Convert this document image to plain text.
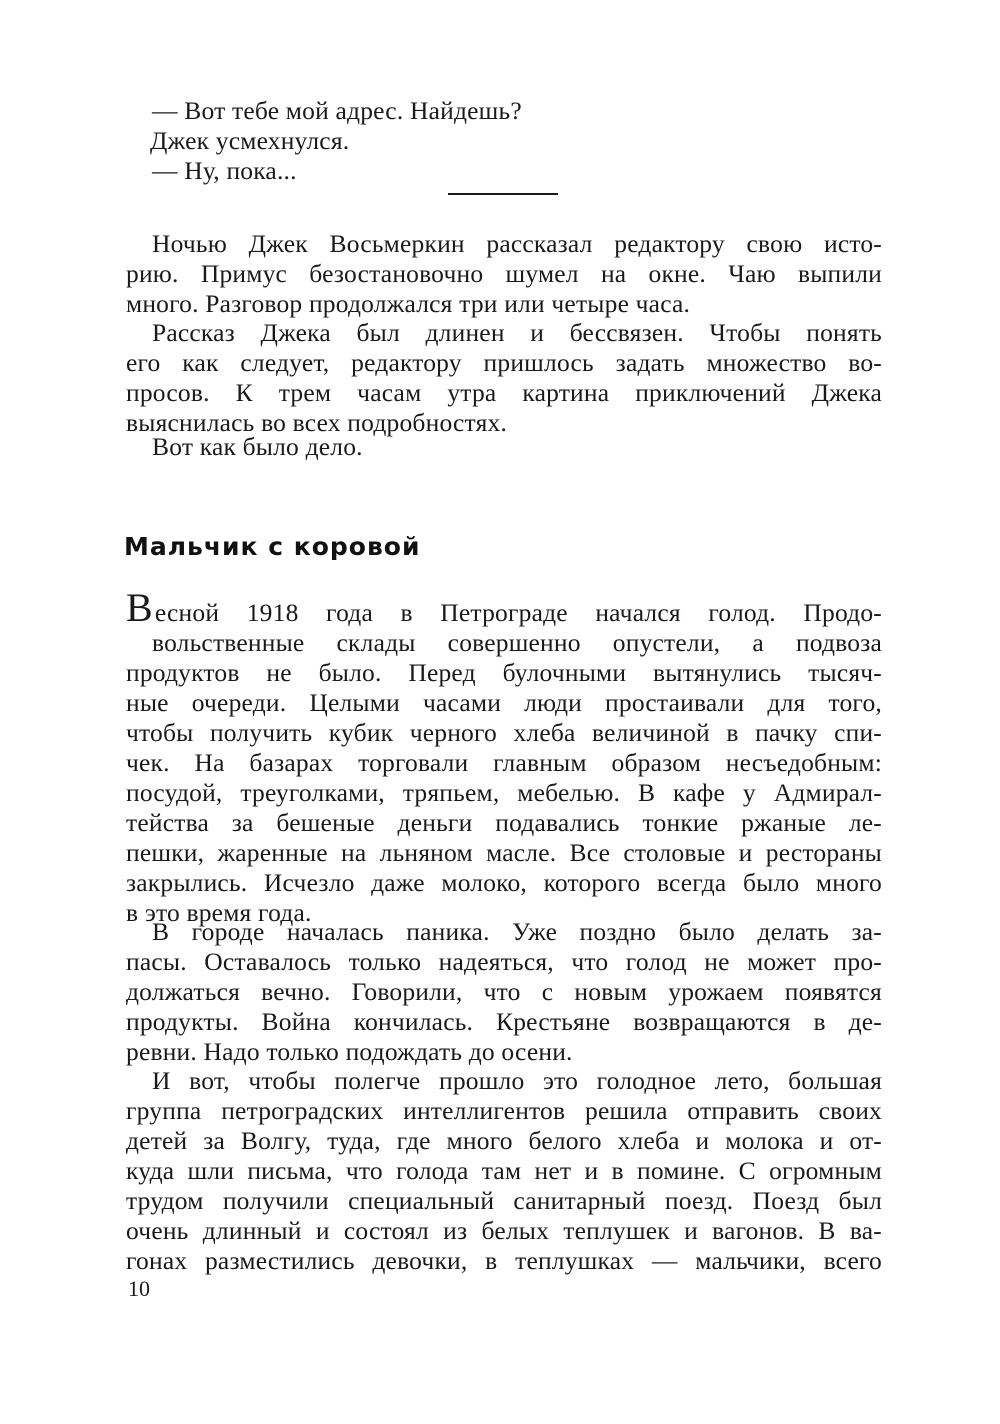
— Вот тебе мой адрес. Найдешь?
Джек усмехнулся.
— Ну, пока...
Ночью Джек Восьмеркин рассказал редактору свою исто-
рию. Примус безостановочно шумел на окне. Чаю выпили
много. Разговор продолжался три или четыре часа.
Рассказ Джека был длинен и бессвязен. Чтобы понять
его как следует, редактору пришлось задать множество во-
просов. К трем часам утра картина приключений Джека
выяснилась во всех подробностях.
Вот как было дело.
Мальчик с коровой
Весной 1918 года в Петрограде начался голод. Продо-
вольственные склады совершенно опустели, а подвоза
продуктов не было. Перед булочными вытянулись тысяч-
ные очереди. Целыми часами люди простаивали для того,
чтобы получить кубик черного хлеба величиной в пачку спи-
чек. На базарах торговали главным образом несъедобным:
посудой, треуголками, тряпьем, мебелью. В кафе у Адмирал-
тейства за бешеные деньги подавались тонкие ржаные ле-
пешки, жаренные на льняном масле. Все столовые и рестораны
закрылись. Исчезло даже молоко, которого всегда было много
в это время года.
В городе началась паника. Уже поздно было делать за-
пасы. Оставалось только надеяться, что голод не может про-
должаться вечно. Говорили, что с новым урожаем появятся
продукты. Война кончилась. Крестьяне возвращаются в де-
ревни. Надо только подождать до осени.
И вот, чтобы полегче прошло это голодное лето, большая
группа петроградских интеллигентов решила отправить своих
детей за Волгу, туда, где много белого хлеба и молока и от-
куда шли письма, что голода там нет и в помине. С огромным
трудом получили специальный санитарный поезд. Поезд был
очень длинный и состоял из белых теплушек и вагонов. В ва-
гонах разместились девочки, в теплушках — мальчики, всего
10
